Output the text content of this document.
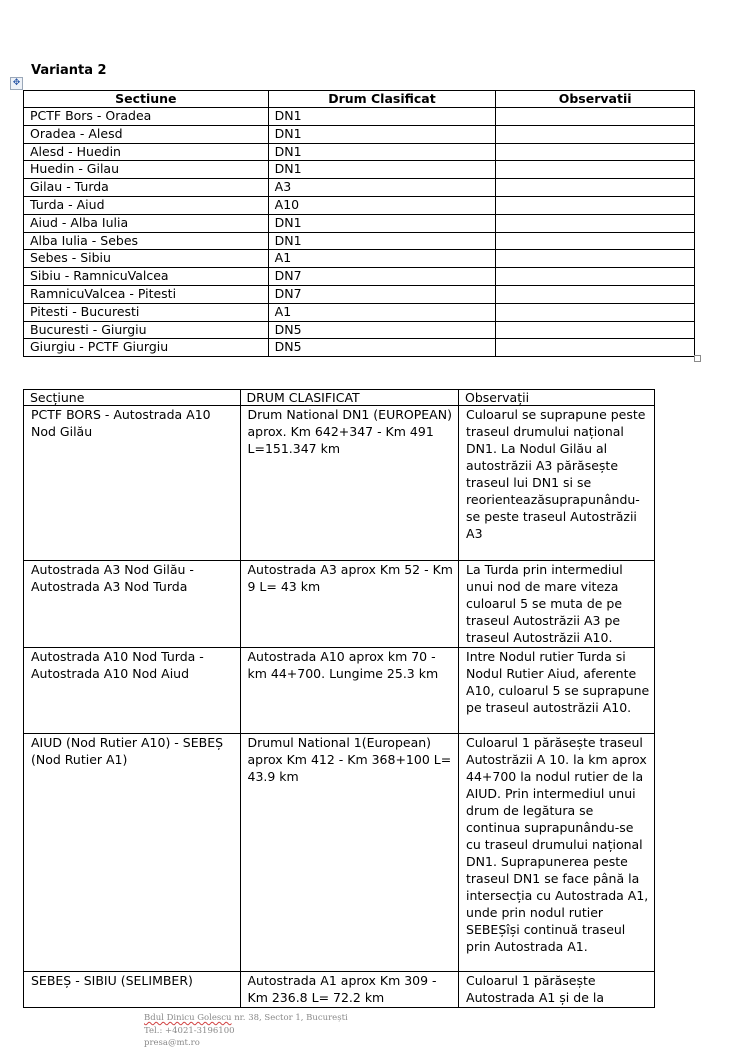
✥
Varianta 2
Sectiune	Drum Clasificat	Observatii
PCTF Bors - Oradea	DN1	
Oradea - Alesd	DN1	
Alesd - Huedin	DN1	
Huedin - Gilau	DN1	
Gilau - Turda	A3	
Turda - Aiud	A10	
Aiud - Alba Iulia	DN1	
Alba Iulia - Sebes	DN1	
Sebes - Sibiu	A1	
Sibiu - RamnicuValcea	DN7	
RamnicuValcea - Pitesti	DN7	
Pitesti - Bucuresti	A1	
Bucuresti - Giurgiu	DN5	
Giurgiu - PCTF Giurgiu	DN5	
Secțiune	DRUM CLASIFICAT	Observații
PCTF BORS - Autostrada A10 Nod Gilău	Drum National DN1 (EUROPEAN) aprox. Km 642+347 - Km 491 L=151.347 km	Culoarul se suprapune peste traseul drumului național DN1. La Nodul Gilău al autostrăzii A3 părăsește traseul lui DN1 si se reorienteazăsuprapunându-se peste traseul Autostrăzii A3
Autostrada A3 Nod Gilău - Autostrada A3 Nod Turda	Autostrada A3 aprox Km 52 - Km 9 L= 43 km	La Turda prin intermediul unui nod de mare viteza culoarul 5 se muta de pe traseul Autostrăzii A3 pe traseul Autostrăzii A10.
Autostrada A10 Nod Turda - Autostrada A10 Nod Aiud	Autostrada A10 aprox km 70 - km 44+700. Lungime 25.3 km	Intre Nodul rutier Turda si Nodul Rutier Aiud, aferente A10, culoarul 5 se suprapune pe traseul autostrăzii A10.
AIUD (Nod Rutier A10) - SEBEȘ (Nod Rutier A1)	Drumul National 1(European) aprox Km 412 - Km 368+100 L= 43.9 km	Culoarul 1 părăsește traseul Autostrăzii A 10. la km aprox 44+700 la nodul rutier de la AIUD. Prin intermediul unui drum de legătura se continua suprapunându-se cu traseul drumului național DN1. Suprapunerea peste traseul DN1 se face până la intersecția cu Autostrada A1, unde prin nodul rutier SEBEȘîși continuă traseul prin Autostrada A1.
SEBEȘ - SIBIU (SELIMBER)	Autostrada A1 aprox Km 309 - Km 236.8 L= 72.2 km	Culoarul 1 părăsește Autostrada A1 și de la
Bdul Dinicu Golescu nr. 38, Sector 1, București
Tel.: +4021-3196100
presa@mt.ro
